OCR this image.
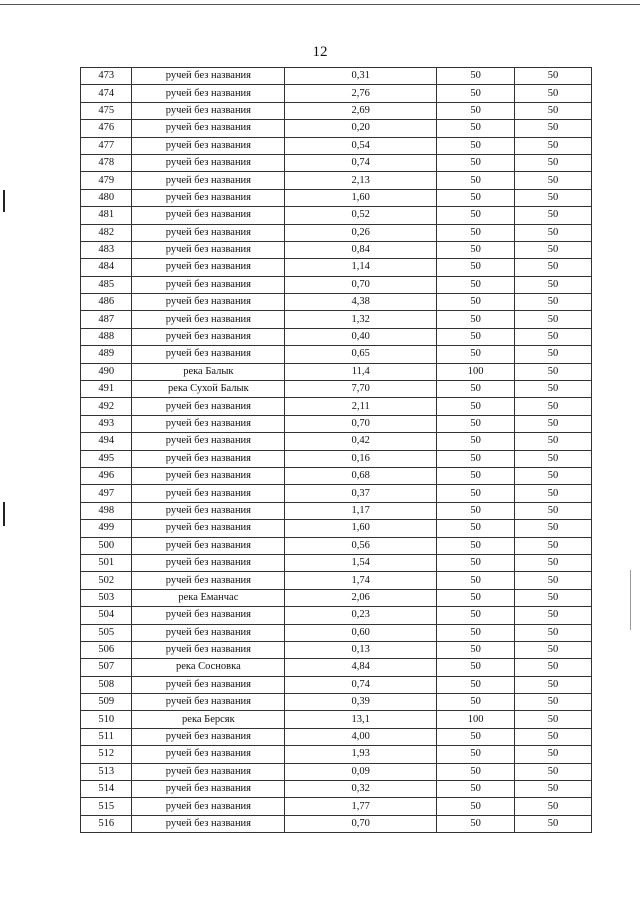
12
473	ручей без названия	0,31	50	50
474	ручей без названия	2,76	50	50
475	ручей без названия	2,69	50	50
476	ручей без названия	0,20	50	50
477	ручей без названия	0,54	50	50
478	ручей без названия	0,74	50	50
479	ручей без названия	2,13	50	50
480	ручей без названия	1,60	50	50
481	ручей без названия	0,52	50	50
482	ручей без названия	0,26	50	50
483	ручей без названия	0,84	50	50
484	ручей без названия	1,14	50	50
485	ручей без названия	0,70	50	50
486	ручей без названия	4,38	50	50
487	ручей без названия	1,32	50	50
488	ручей без названия	0,40	50	50
489	ручей без названия	0,65	50	50
490	река Балык	11,4	100	50
491	река Сухой Балык	7,70	50	50
492	ручей без названия	2,11	50	50
493	ручей без названия	0,70	50	50
494	ручей без названия	0,42	50	50
495	ручей без названия	0,16	50	50
496	ручей без названия	0,68	50	50
497	ручей без названия	0,37	50	50
498	ручей без названия	1,17	50	50
499	ручей без названия	1,60	50	50
500	ручей без названия	0,56	50	50
501	ручей без названия	1,54	50	50
502	ручей без названия	1,74	50	50
503	река Еманчас	2,06	50	50
504	ручей без названия	0,23	50	50
505	ручей без названия	0,60	50	50
506	ручей без названия	0,13	50	50
507	река Сосновка	4,84	50	50
508	ручей без названия	0,74	50	50
509	ручей без названия	0,39	50	50
510	река Берсяк	13,1	100	50
511	ручей без названия	4,00	50	50
512	ручей без названия	1,93	50	50
513	ручей без названия	0,09	50	50
514	ручей без названия	0,32	50	50
515	ручей без названия	1,77	50	50
516	ручей без названия	0,70	50	50
